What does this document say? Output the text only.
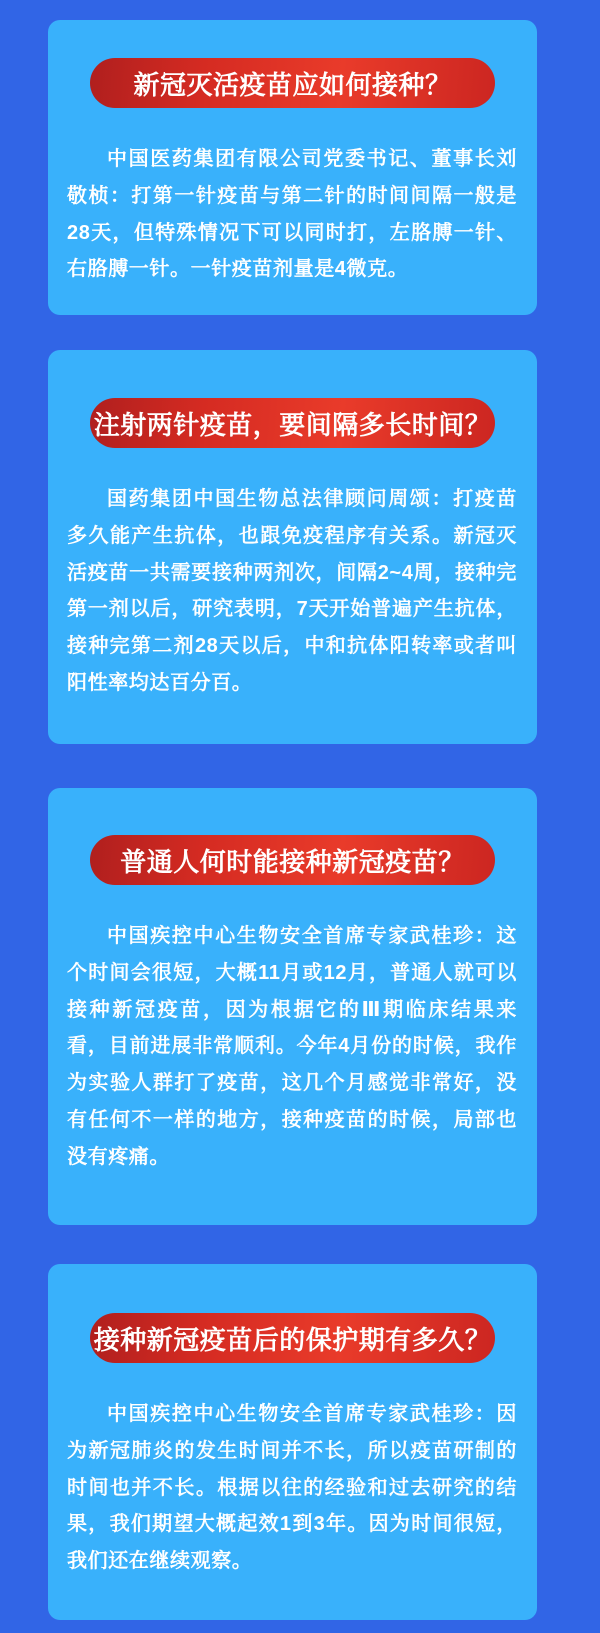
新冠灭活疫苗应如何接种？

中国医药集团有限公司党委书记、董事长刘敬桢：打第一针疫苗与第二针的时间间隔一般是28天，但特殊情况下可以同时打，左胳膊一针、右胳膊一针。一针疫苗剂量是4微克。

注射两针疫苗，要间隔多长时间？

国药集团中国生物总法律顾问周颂：打疫苗多久能产生抗体，也跟免疫程序有关系。新冠灭活疫苗一共需要接种两剂次，间隔2~4周，接种完第一剂以后，研究表明，7天开始普遍产生抗体，接种完第二剂28天以后，中和抗体阳转率或者叫阳性率均达百分百。

普通人何时能接种新冠疫苗？

中国疾控中心生物安全首席专家武桂珍：这个时间会很短，大概11月或12月，普通人就可以接种新冠疫苗，因为根据它的Ⅲ期临床结果来看，目前进展非常顺利。今年4月份的时候，我作为实验人群打了疫苗，这几个月感觉非常好，没有任何不一样的地方，接种疫苗的时候，局部也没有疼痛。

接种新冠疫苗后的保护期有多久？

中国疾控中心生物安全首席专家武桂珍：因为新冠肺炎的发生时间并不长，所以疫苗研制的时间也并不长。根据以往的经验和过去研究的结果，我们期望大概起效1到3年。因为时间很短，我们还在继续观察。
